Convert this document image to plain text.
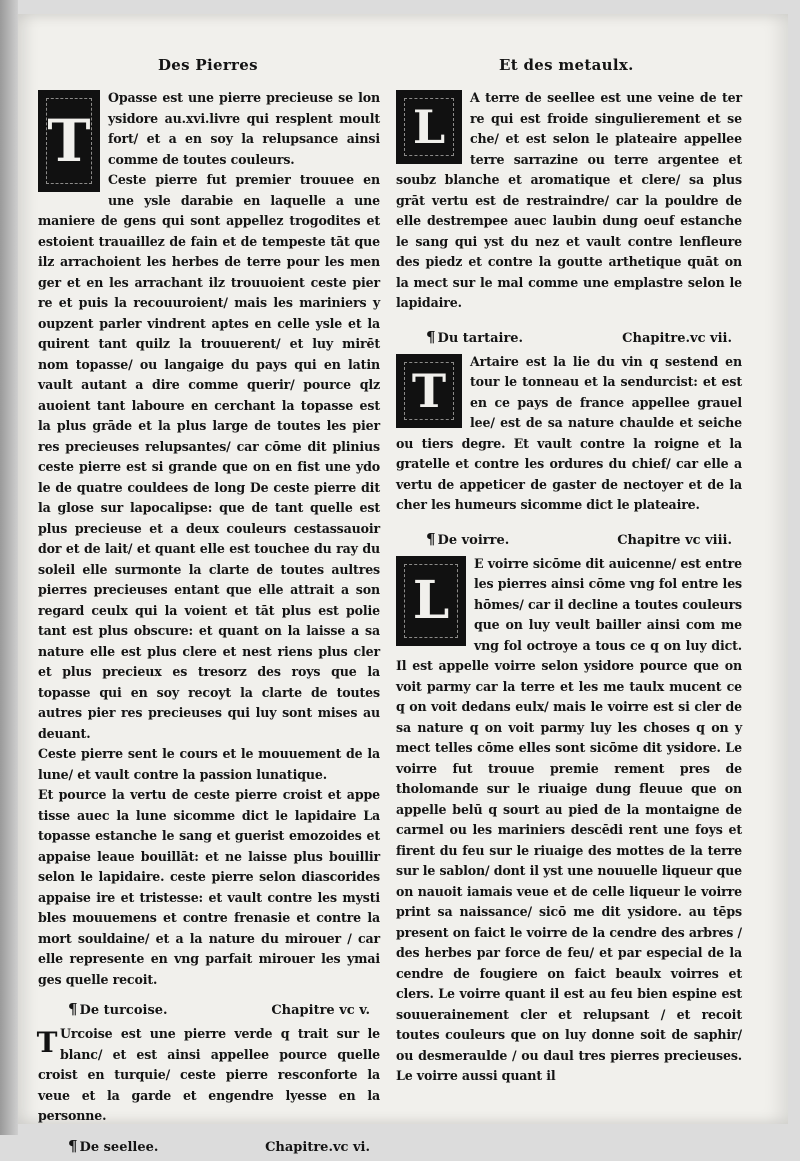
Des Pierres
T

Opasse est une pierre precieuse se lon ysidore au.xvi.livre qui resplent moult fort/ et a en soy la relupsance ainsi comme de toutes couleurs.

Ceste pierre fut premier trouuee en une ysle darabie en laquelle a une maniere de gens qui sont appellez trogodites et estoient trauaillez de fain et de tempeste tāt que ilz arrachoient les herbes de terre pour les men ger et en les arrachant ilz trouuoient ceste pier re et puis la recouuroient/ mais les mariniers y oupzent parler vindrent aptes en celle ysle et la quirent tant quilz la trouuerent/ et luy mirēt nom topasse/ ou langaige du pays qui en latin vault autant a dire comme querir/ pource qlz auoient tant laboure en cerchant la topasse est la plus grāde et la plus large de toutes les pier res precieuses relupsantes/ car cōme dit plinius ceste pierre est si grande que on en fist une ydo le de quatre couldees de long De ceste pierre dit la glose sur lapocalipse: que de tant quelle est plus precieuse et a deux couleurs cestassauoir dor et de lait/ et quant elle est touchee du ray du soleil elle surmonte la clarte de toutes aultres pierres precieuses entant que elle attrait a son regard ceulx qui la voient et tāt plus est polie tant est plus obscure: et quant on la laisse a sa nature elle est plus clere et nest riens plus cler et plus precieux es tresorz des roys que la topasse qui en soy recoyt la clarte de toutes autres pier res precieuses qui luy sont mises au deuant.

Ceste pierre sent le cours et le mouuement de la lune/ et vault contre la passion lunatique.

Et pource la vertu de ceste pierre croist et appe tisse auec la lune sicomme dict le lapidaire La topasse estanche le sang et guerist emozoides et appaise leaue bouillāt: et ne laisse plus bouillir selon le lapidaire. ceste pierre selon diascorides appaise ire et tristesse: et vault contre les mysti bles mouuemens et contre frenasie et contre la mort souldaine/ et a la nature du mirouer / car elle represente en vng parfait mirouer les ymai ges quelle recoit.

¶ De turcoise.	Chapitre vc v.
T Urcoise est une pierre verde q trait sur le blanc/ et est ainsi appellee pource quelle croist en turquie/ ceste pierre resconforte la veue et la garde et engendre lyesse en la personne.

¶ De seellee.	Chapitre.vc vi.
Et des metaulx.
L

A terre de seellee est une veine de ter re qui est froide singulierement et se che/ et est selon le plateaire appellee terre sarrazine ou terre argentee et soubz blanche et aromatique et clere/ sa plus grāt vertu est de restraindre/ car la pouldre de elle destrempee auec laubin dung oeuf estanche le sang qui yst du nez et vault contre lenfleure des piedz et contre la goutte arthetique quāt on la mect sur le mal comme une emplastre selon le lapidaire.

¶ Du tartaire.	Chapitre.vc vii.
T

Artaire est la lie du vin q sestend en tour le tonneau et la sendurcist: et est en ce pays de france appellee grauel lee/ est de sa nature chaulde et seiche ou tiers degre. Et vault contre la roigne et la gratelle et contre les ordures du chief/ car elle a vertu de appeticer de gaster de nectoyer et de la cher les humeurs sicomme dict le plateaire.

¶ De voirre.	Chapitre vc viii.
L

E voirre sicōme dit auicenne/ est entre les pierres ainsi cōme vng fol entre les hōmes/ car il decline a toutes couleurs que on luy veult bailler ainsi com me vng fol octroye a tous ce q on luy dict. Il est appelle voirre selon ysidore pource que on voit parmy car la terre et les me taulx mucent ce q on voit dedans eulx/ mais le voirre est si cler de sa nature q on voit parmy luy les choses q on y mect telles cōme elles sont sicōme dit ysidore. Le voirre fut trouue premie rement pres de tholomande sur le riuaige dung fleuue que on appelle belū q sourt au pied de la montaigne de carmel ou les mariniers descēdi rent une foys et firent du feu sur le riuaige des mottes de la terre sur le sablon/ dont il yst une nouuelle liqueur que on nauoit iamais veue et de celle liqueur le voirre print sa naissance/ sicō me dit ysidore. au tēps present on faict le voirre de la cendre des arbres / des herbes par force de feu/ et par especial de la cendre de fougiere on faict beaulx voirres et clers. Le voirre quant il est au feu bien espine est souuerainement cler et relupsant / et recoit toutes couleurs que on luy donne soit de saphir/ ou desmeraulde / ou daul tres pierres precieuses. Le voirre aussi quant il
